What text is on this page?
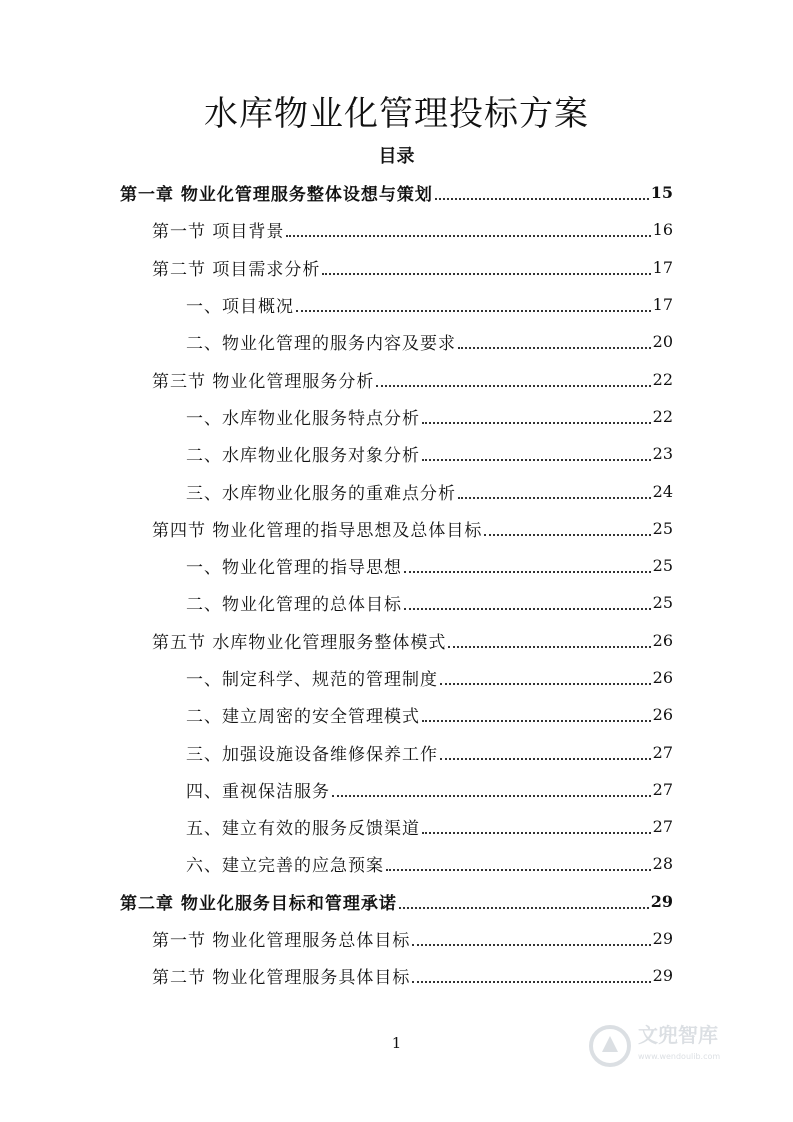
水库物业化管理投标方案
目录
第一章 物业化管理服务整体设想与策划	15
第一节 项目背景	16
第二节 项目需求分析	17
一、项目概况	17
二、物业化管理的服务内容及要求	20
第三节 物业化管理服务分析	22
一、水库物业化服务特点分析	22
二、水库物业化服务对象分析	23
三、水库物业化服务的重难点分析	24
第四节 物业化管理的指导思想及总体目标	25
一、物业化管理的指导思想	25
二、物业化管理的总体目标	25
第五节 水库物业化管理服务整体模式	26
一、制定科学、规范的管理制度	26
二、建立周密的安全管理模式	26
三、加强设施设备维修保养工作	27
四、重视保洁服务	27
五、建立有效的服务反馈渠道	27
六、建立完善的应急预案	28
第二章 物业化服务目标和管理承诺	29
第一节 物业化管理服务总体目标	29
第二节 物业化管理服务具体目标	29
1	文兜智库
www.wendoulib.com
